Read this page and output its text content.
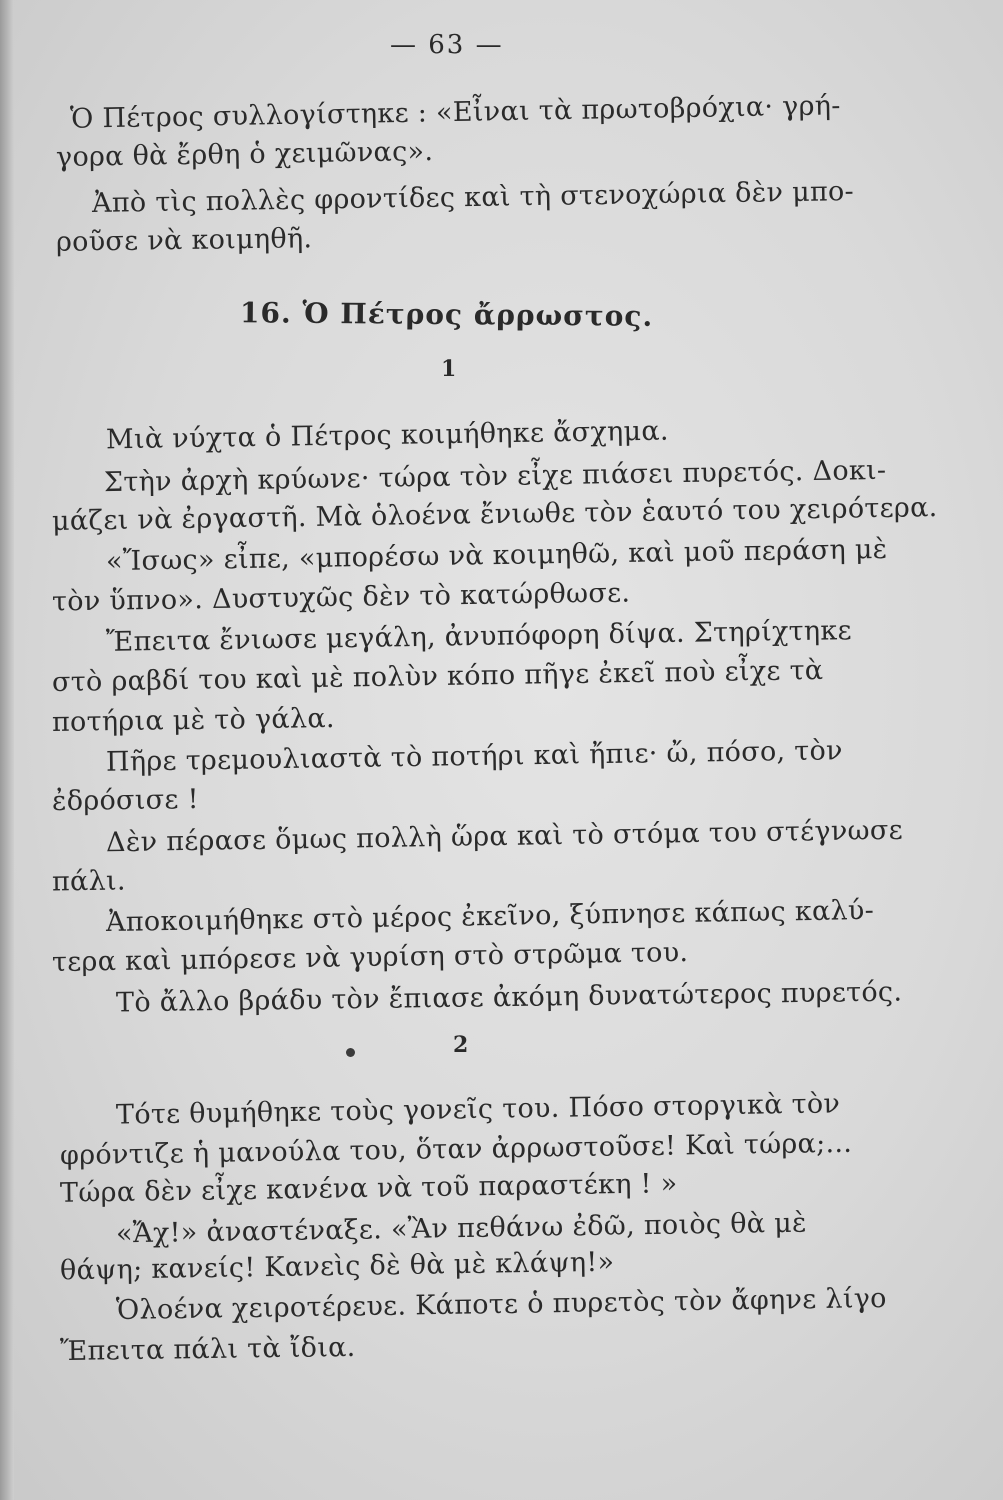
— 63 —
Ὁ Πέτρος συλλογίστηκε : «Εἶναι τὰ πρωτοβρόχια· γρή-
γορα θὰ ἔρθη ὁ χειμῶνας».
Ἀπὸ τὶς πολλὲς φροντίδες καὶ τὴ στενοχώρια δὲν μπο-
ροῦσε νὰ κοιμηθῆ.
16. Ὁ Πέτρος ἄρρωστος.
1
Μιὰ νύχτα ὁ Πέτρος κοιμήθηκε ἄσχημα.
Στὴν ἀρχὴ κρύωνε· τώρα τὸν εἶχε πιάσει πυρετός. Δοκι-
μάζει νὰ ἐργαστῆ. Μὰ ὁλοένα ἔνιωθε τὸν ἑαυτό του χειρότερα.
«Ἴσως» εἶπε, «μπορέσω νὰ κοιμηθῶ, καὶ μοῦ περάση μὲ
τὸν ὕπνο». Δυστυχῶς δὲν τὸ κατώρθωσε.
Ἔπειτα ἔνιωσε μεγάλη, ἀνυπόφορη δίψα. Στηρίχτηκε
στὸ ραβδί του καὶ μὲ πολὺν κόπο πῆγε ἐκεῖ ποὺ εἶχε τὰ
ποτήρια μὲ τὸ γάλα.
Πῆρε τρεμουλιαστὰ τὸ ποτήρι καὶ ἤπιε· ὤ, πόσο, τὸν
ἐδρόσισε !
Δὲν πέρασε ὅμως πολλὴ ὥρα καὶ τὸ στόμα του στέγνωσε
πάλι.
Ἀποκοιμήθηκε στὸ μέρος ἐκεῖνο, ξύπνησε κάπως καλύ-
τερα καὶ μπόρεσε νὰ γυρίση στὸ στρῶμα του.
Τὸ ἄλλο βράδυ τὸν ἔπιασε ἀκόμη δυνατώτερος πυρετός.
2
Τότε θυμήθηκε τοὺς γονεῖς του. Πόσο στοργικὰ τὸν
φρόντιζε ἡ μανούλα του, ὅταν ἀρρωστοῦσε! Καὶ τώρα;...
Τώρα δὲν εἶχε κανένα νὰ τοῦ παραστέκη ! »
«Ἄχ!» ἀναστέναξε. «Ἂν πεθάνω ἐδῶ, ποιὸς θὰ μὲ
θάψη; κανείς! Κανεὶς δὲ θὰ μὲ κλάψη!»
Ὁλοένα χειροτέρευε. Κάποτε ὁ πυρετὸς τὸν ἄφηνε λίγο
Ἔπειτα πάλι τὰ ἴδια.
